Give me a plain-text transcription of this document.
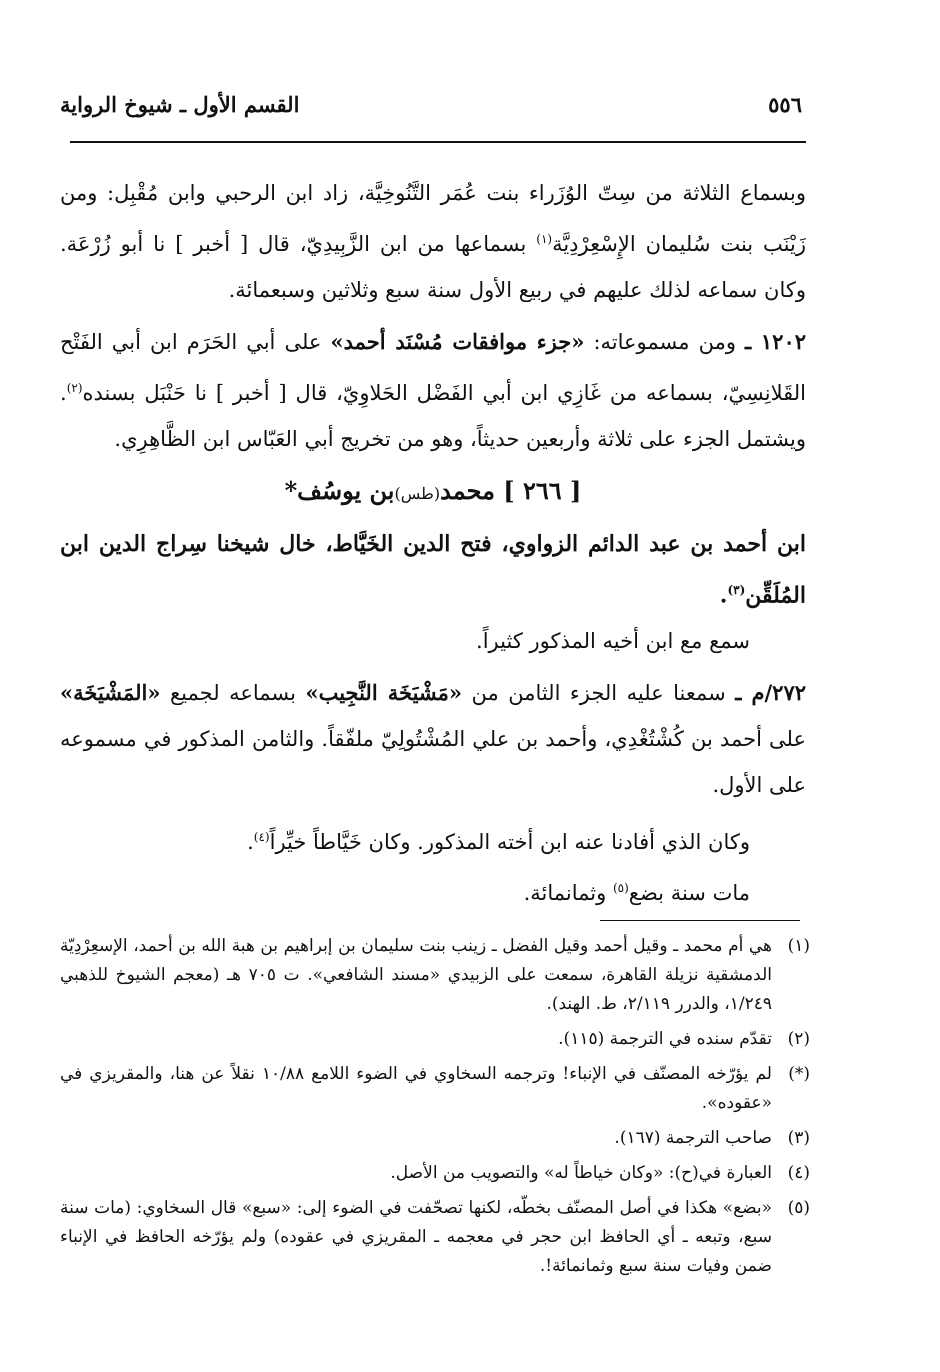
٥٥٦
القسم الأول ـ شيوخ الرواية

وبسماع الثلاثة من سِتّ الوُزَراء بنت عُمَر التَّنُوخِيَّة، زاد ابن الرحبي وابن مُقْبِل: ومن زَيْنَب بنت سُليمان الإِسْعِرْدِيَّة$^{(١)}$ بسماعها من ابن الزَّبِيدِيّ، قال [ أخبر ] نا أبو زُرْعَة. وكان سماعه لذلك عليهم في ربيع الأول سنة سبع وثلاثين وسبعمائة.

١٢٠٢ ـ ومن مسموعاته: «جزء موافقات مُسْنَد أحمد» على أبي الحَرَم ابن أبي الفَتْح القَلانِسِيّ، بسماعه من غَازِي ابن أبي الفَضْل الحَلاوِيّ، قال [ أخبر ] نا حَنْبَل بسنده$^{(٢)}$. ويشتمل الجزء على ثلاثة وأربعين حديثاً، وهو من تخريج أبي العَبّاس ابن الظَّاهِرِي.

[ ٢٦٦ ] محمد(طس)بن يوسُف*

ابن أحمد بن عبد الدائم الزواوي، فتح الدين الخَيَّاط، خال شيخنا سِراج الدين ابن المُلَقِّن$^{(٣)}$.

سمع مع ابن أخيه المذكور كثيراً.

٢٧٢/م ـ سمعنا عليه الجزء الثامن من «مَشْيَخَة النَّجِيب» بسماعه لجميع «المَشْيَخَة» على أحمد بن كُشْتُغْدِي، وأحمد بن علي المُشْتُولِيّ ملفّقاً. والثامن المذكور في مسموعه على الأول.

وكان الذي أفادنا عنه ابن أخته المذكور. وكان خَيَّاطاً خيِّراً$^{(٤)}$.

مات سنة بضع$^{(٥)}$ وثمانمائة.

(١)
هي أم محمد ـ وقيل أحمد وقيل الفضل ـ زينب بنت سليمان بن إبراهيم بن هبة الله بن أحمد، الإسعِرْدِيّة الدمشقية نزيلة القاهرة، سمعت على الزبيدي «مسند الشافعي». ت ٧٠٥ هـ (معجم الشيوخ للذهبي ١/٢٤٩، والدرر ٢/١١٩، ط. الهند).
(٢)
تقدّم سنده في الترجمة (١١٥).
(*)
لم يؤرّخه المصنّف في الإنباء! وترجمه السخاوي في الضوء اللامع ١٠/٨٨ نقلاً عن هنا، والمقريزي في «عقوده».
(٣)
صاحب الترجمة (١٦٧).
(٤)
العبارة في(ح): «وكان خياطاً له» والتصويب من الأصل.
(٥)
«بضع» هكذا في أصل المصنّف بخطّه، لكنها تصحّفت في الضوء إلى: «سبع» قال السخاوي: (مات سنة سبع، وتبعه ـ أي الحافظ ابن حجر في معجمه ـ المقريزي في عقوده) ولم يؤرّخه الحافظ في الإنباء ضمن وفيات سنة سبع وثمانمائة!.
